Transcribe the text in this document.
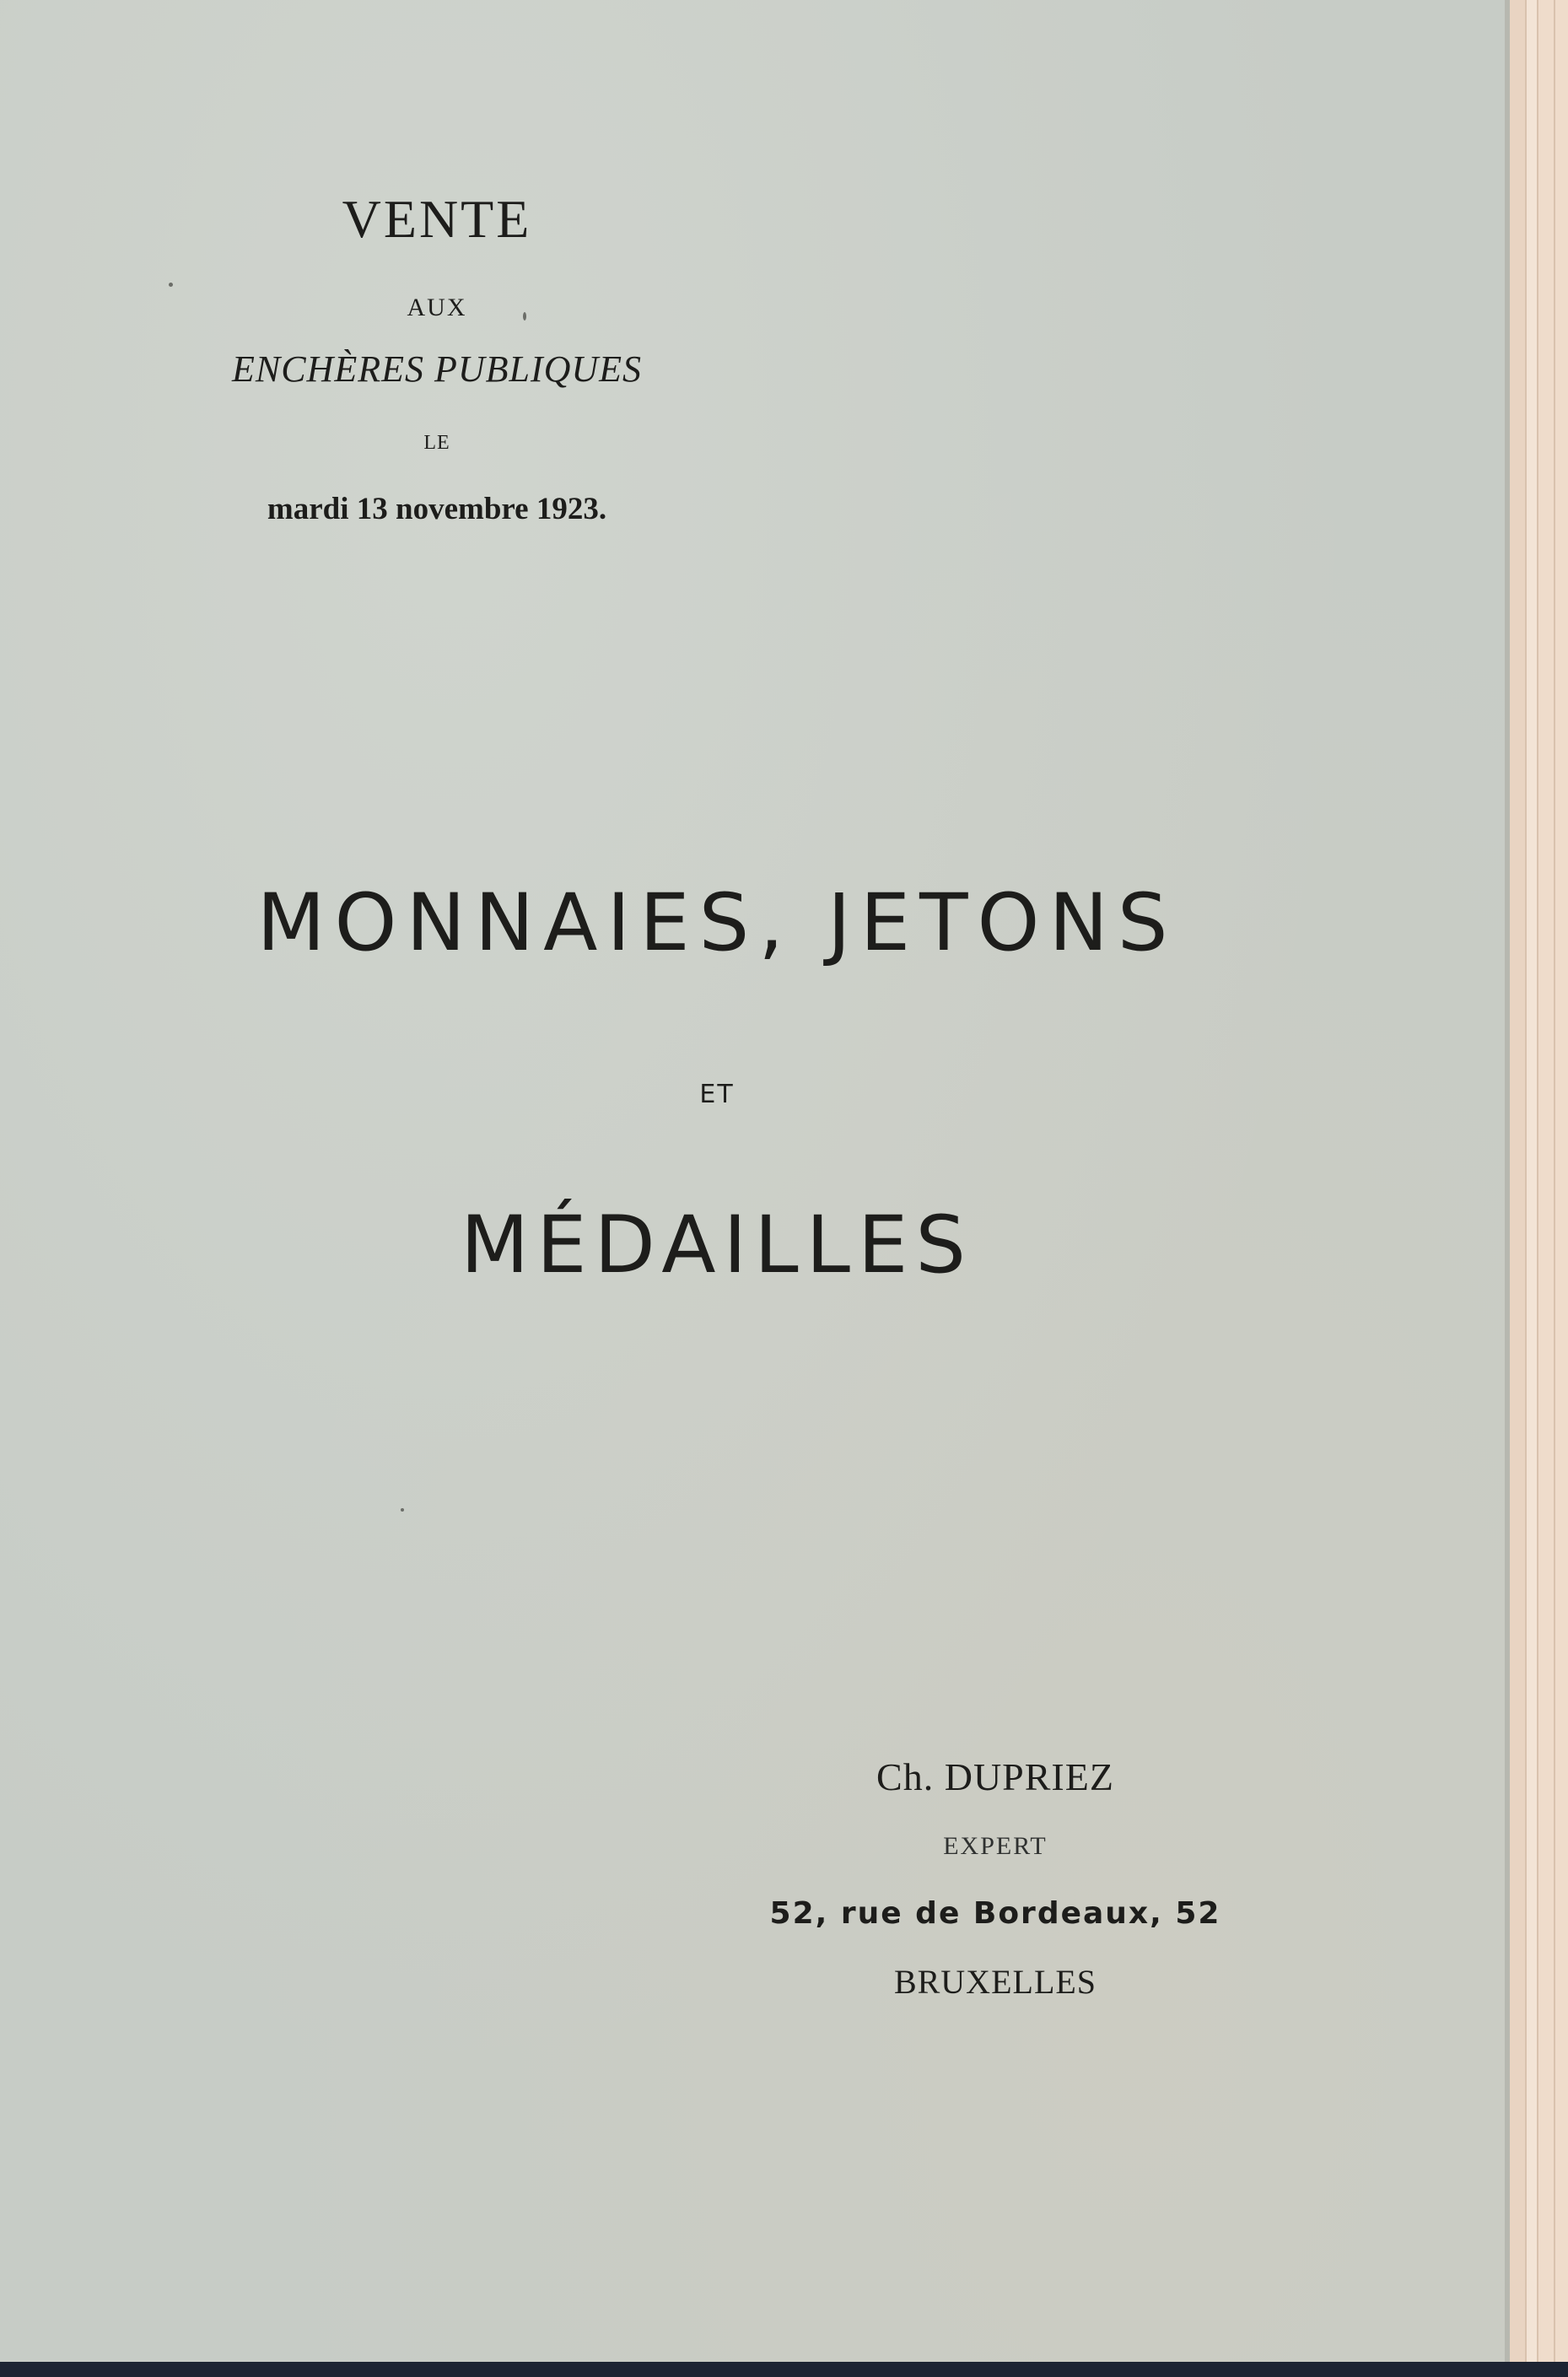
VENTE
AUX
ENCHÈRES PUBLIQUES
LE
mardi 13 novembre 1923.
MONNAIES, JETONS
ET
MÉDAILLES
Ch. DUPRIEZ
EXPERT
52, rue de Bordeaux, 52
BRUXELLES
